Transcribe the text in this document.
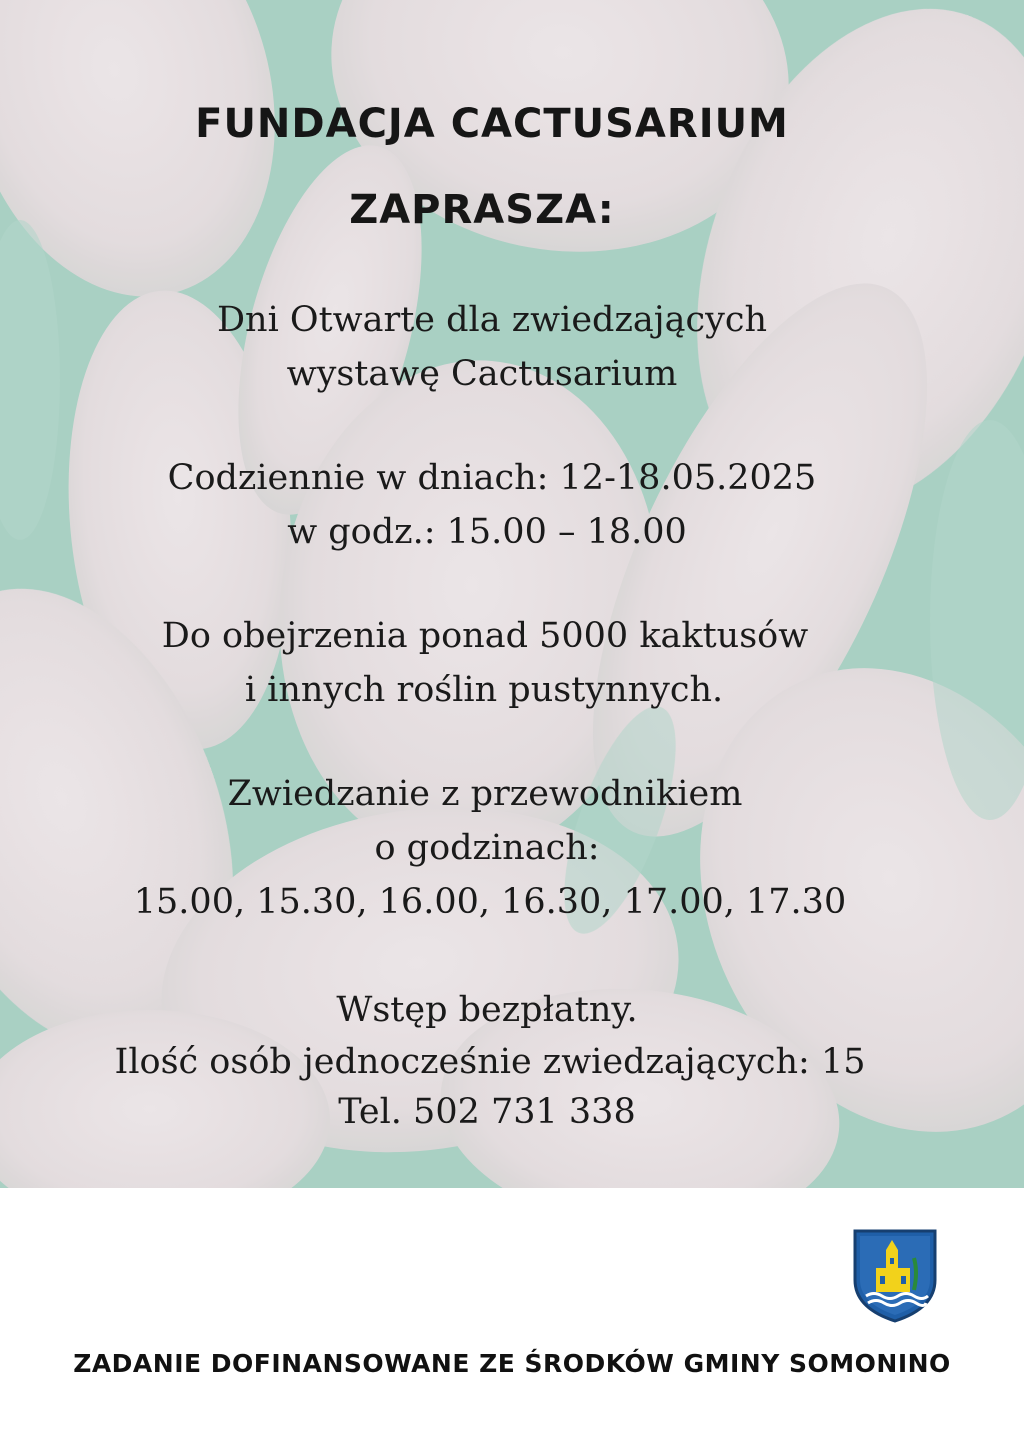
FUNDACJA CACTUSARIUM
ZAPRASZA:
Dni Otwarte dla zwiedzających
wystawę Cactusarium
Codziennie w dniach: 12-18.05.2025
w godz.: 15.00 – 18.00
Do obejrzenia ponad 5000 kaktusów
i innych roślin pustynnych.
Zwiedzanie z przewodnikiem
o godzinach:
15.00, 15.30, 16.00, 16.30, 17.00, 17.30
Wstęp bezpłatny.
Ilość osób jednocześnie zwiedzających: 15
Tel. 502 731 338
ZADANIE DOFINANSOWANE ZE ŚRODKÓW GMINY SOMONINO
